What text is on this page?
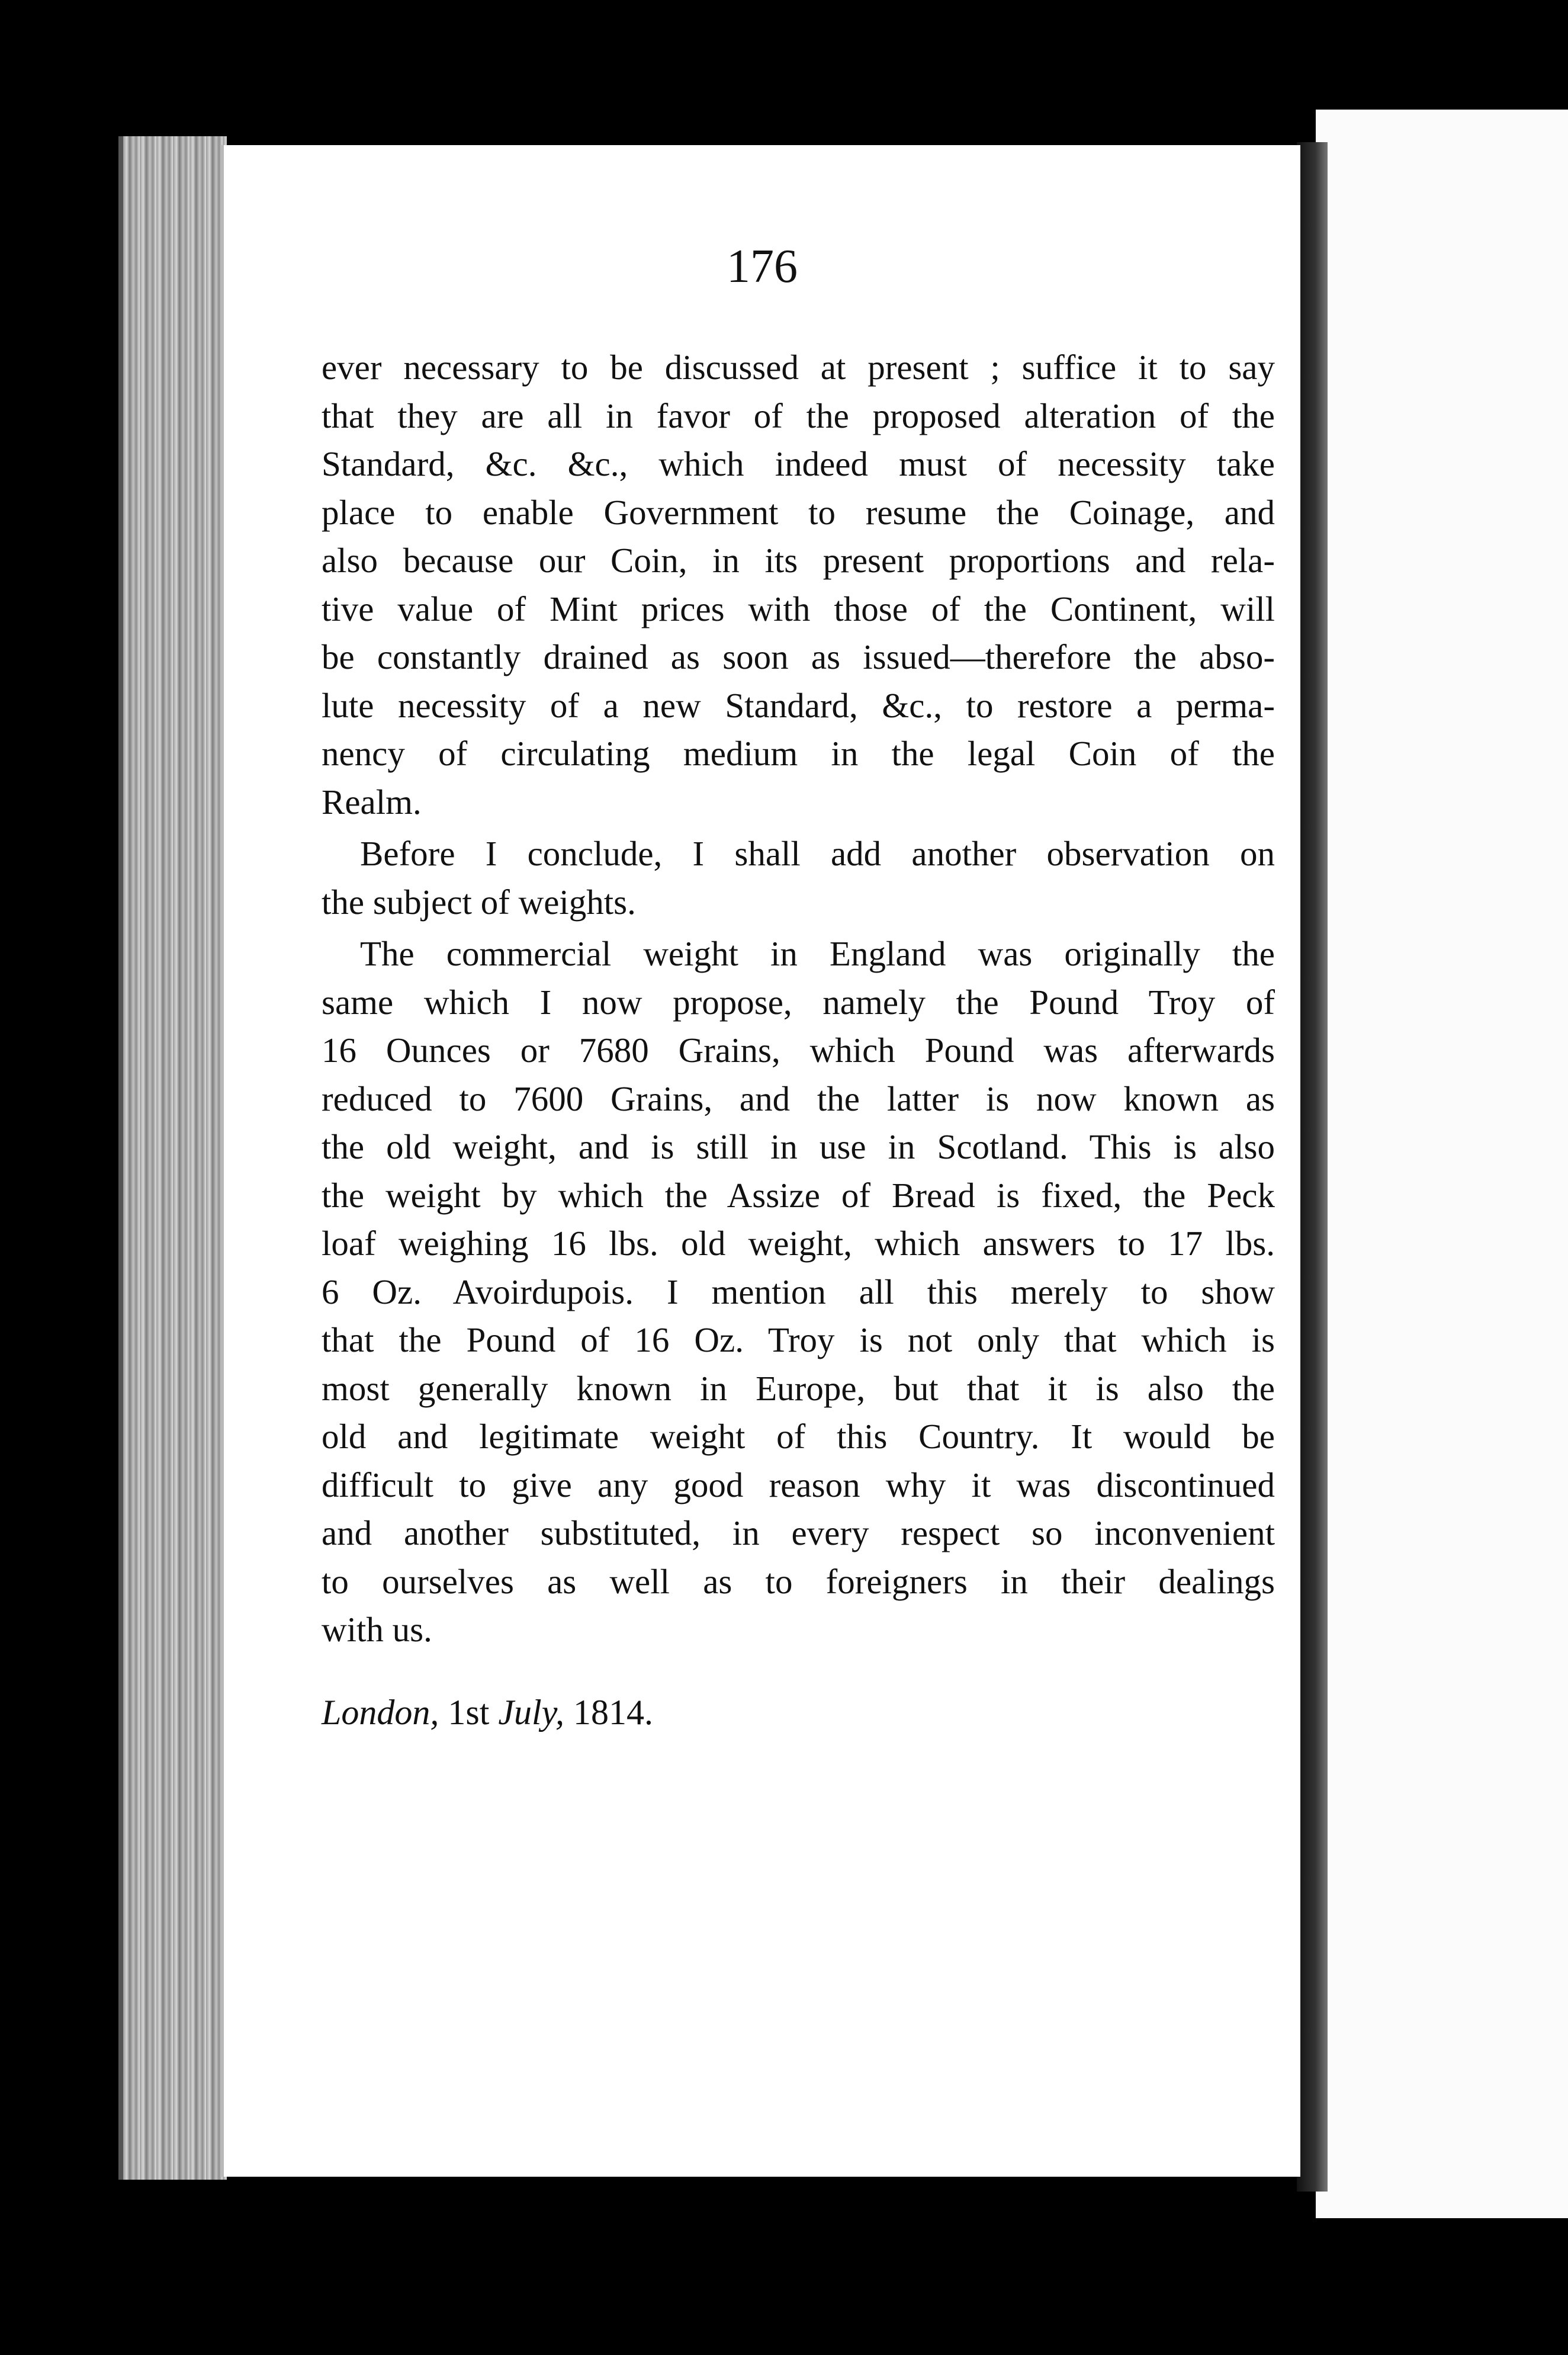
176

ever necessary to be discussed at present ; suffice it to say
that they are all in favor of the proposed alteration of the
Standard, &c. &c., which indeed must of necessity take
place to enable Government to resume the Coinage, and
also because our Coin, in its present proportions and rela-
tive value of Mint prices with those of the Continent, will
be constantly drained as soon as issued—therefore the abso-
lute necessity of a new Standard, &c., to restore a perma-
nency of circulating medium in the legal Coin of the
Realm.

Before I conclude, I shall add another observation on
the subject of weights.

The commercial weight in England was originally the
same which I now propose, namely the Pound Troy of
16 Ounces or 7680 Grains, which Pound was afterwards
reduced to 7600 Grains, and the latter is now known as
the old weight, and is still in use in Scotland. This is also
the weight by which the Assize of Bread is fixed, the Peck
loaf weighing 16 lbs. old weight, which answers to 17 lbs.
6 Oz. Avoirdupois. I mention all this merely to show
that the Pound of 16 Oz. Troy is not only that which is
most generally known in Europe, but that it is also the
old and legitimate weight of this Country. It would be
difficult to give any good reason why it was discontinued
and another substituted, in every respect so inconvenient
to ourselves as well as to foreigners in their dealings
with us.

London, 1st July, 1814.
